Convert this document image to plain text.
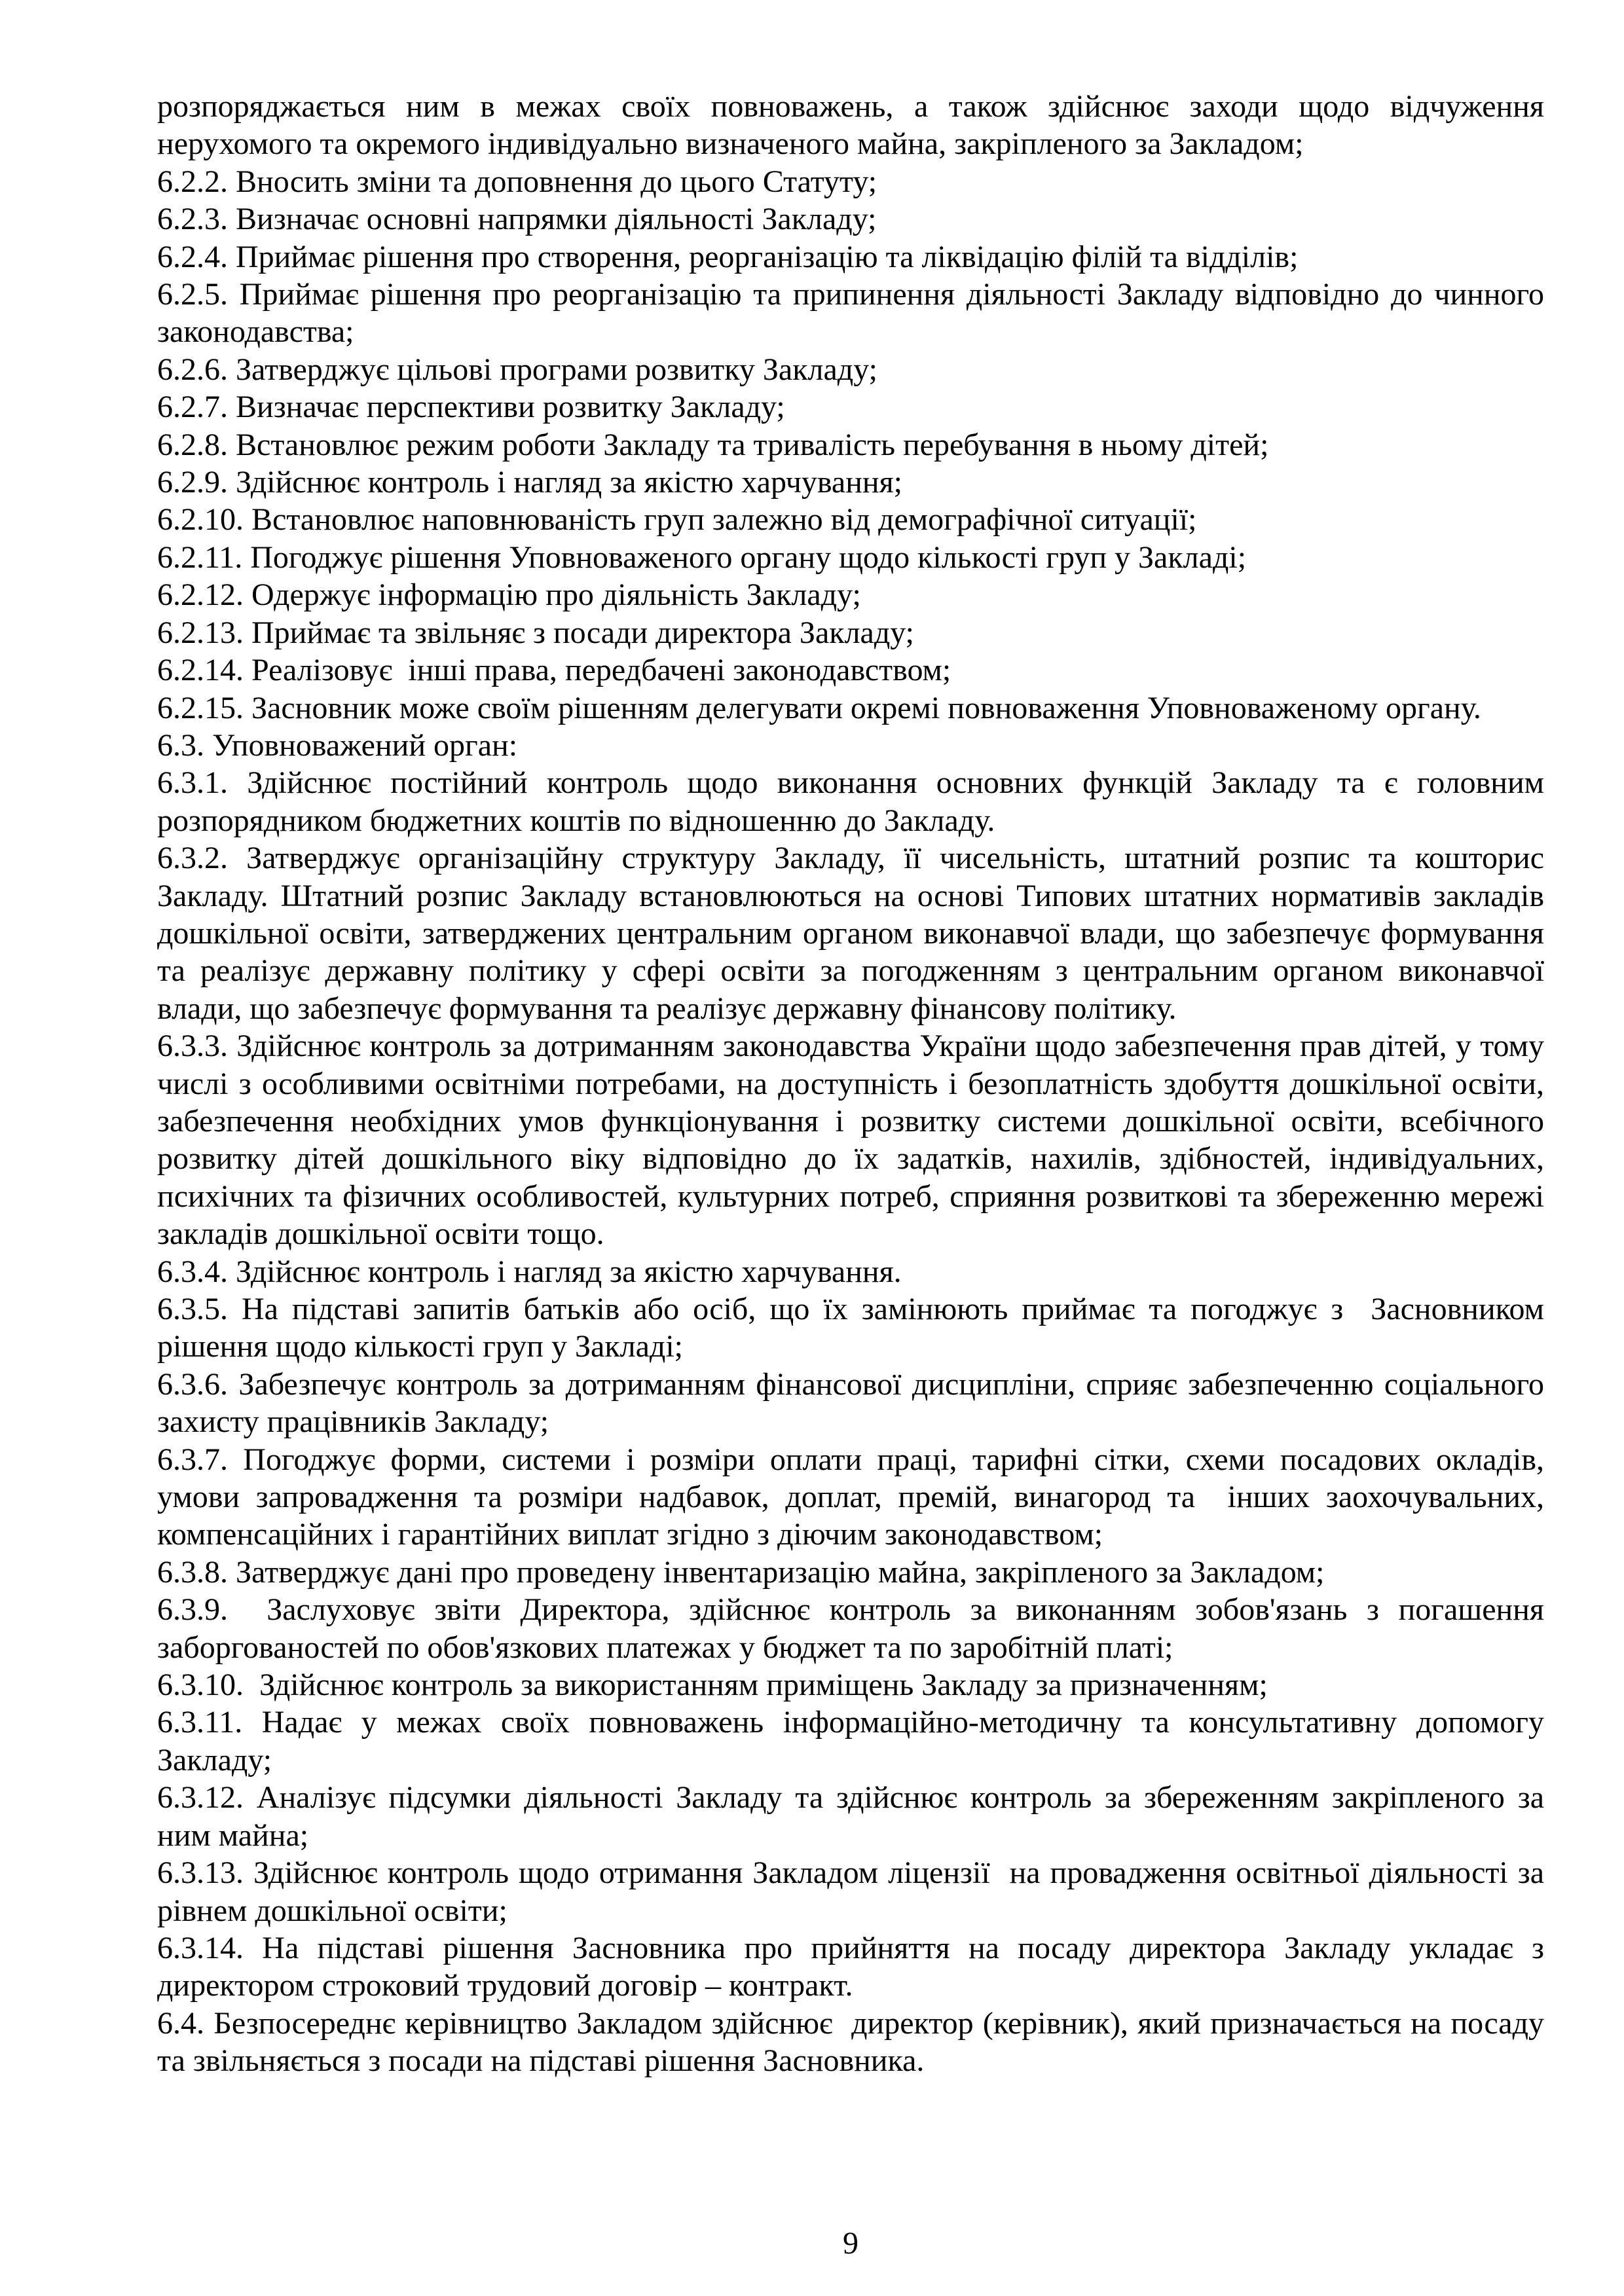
розпоряджається ним в межах своїх повноважень, а також здійснює заходи щодо відчуження нерухомого та окремого індивідуально визначеного майна, закріпленого за Закладом;

6.2.2. Вносить зміни та доповнення до цього Статуту;

6.2.3. Визначає основні напрямки діяльності Закладу;

6.2.4. Приймає рішення про створення, реорганізацію та ліквідацію філій та відділів;

6.2.5. Приймає рішення про реорганізацію та припинення діяльності Закладу відповідно до чинного законодавства;

6.2.6. Затверджує цільові програми розвитку Закладу;

6.2.7. Визначає перспективи розвитку Закладу;

6.2.8. Встановлює режим роботи Закладу та тривалість перебування в ньому дітей;

6.2.9. Здійснює контроль і нагляд за якістю харчування;

6.2.10. Встановлює наповнюваність груп залежно від демографічної ситуації;

6.2.11. Погоджує рішення Уповноваженого органу щодо кількості груп у Закладі;

6.2.12. Одержує інформацію про діяльність Закладу;

6.2.13. Приймає та звільняє з посади директора Закладу;

6.2.14. Реалізовує  інші права, передбачені законодавством;

6.2.15. Засновник може своїм рішенням делегувати окремі повноваження Уповноваженому органу.

6.3. Уповноважений орган:

6.3.1. Здійснює постійний контроль щодо виконання основних функцій Закладу та є головним розпорядником бюджетних коштів по відношенню до Закладу.

6.3.2. Затверджує організаційну структуру Закладу, її чисельність, штатний розпис та кошторис Закладу. Штатний розпис Закладу встановлюються на основі Типових штатних нормативів закладів дошкільної освіти, затверджених центральним органом виконавчої влади, що забезпечує формування та реалізує державну політику у сфері освіти за погодженням з центральним органом виконавчої влади, що забезпечує формування та реалізує державну фінансову політику.

6.3.3. Здійснює контроль за дотриманням законодавства України щодо забезпечення прав дітей, у тому числі з особливими освітніми потребами, на доступність і безоплатність здобуття дошкільної освіти, забезпечення необхідних умов функціонування і розвитку системи дошкільної освіти, всебічного розвитку дітей дошкільного віку відповідно до їх задатків, нахилів, здібностей, індивідуальних, психічних та фізичних особливостей, культурних потреб, сприяння розвиткові та збереженню мережі закладів дошкільної освіти тощо.

6.3.4. Здійснює контроль і нагляд за якістю харчування.

6.3.5. На підставі запитів батьків або осіб, що їх замінюють приймає та погоджує з  Засновником рішення щодо кількості груп у Закладі;

6.3.6. Забезпечує контроль за дотриманням фінансової дисципліни, сприяє забезпеченню соціального захисту працівників Закладу;

6.3.7. Погоджує форми, системи і розміри оплати праці, тарифні сітки, схеми посадових окладів, умови запровадження та розміри надбавок, доплат, премій, винагород та  інших заохочувальних, компенсаційних і гарантійних виплат згідно з діючим законодавством;

6.3.8. Затверджує дані про проведену інвентаризацію майна, закріпленого за Закладом;

6.3.9.  Заслуховує звіти Директора, здійснює контроль за виконанням зобов'язань з погашення заборгованостей по обов'язкових платежах у бюджет та по заробітній платі;

6.3.10.  Здійснює контроль за використанням приміщень Закладу за призначенням;

6.3.11. Надає у межах своїх повноважень інформаційно-методичну та консультативну допомогу Закладу;

6.3.12. Аналізує підсумки діяльності Закладу та здійснює контроль за збереженням закріпленого за ним майна;

6.3.13. Здійснює контроль щодо отримання Закладом ліцензії  на провадження освітньої діяльності за рівнем дошкільної освіти;

6.3.14. На підставі рішення Засновника про прийняття на посаду директора Закладу укладає з директором строковий трудовий договір – контракт.

6.4. Безпосереднє керівництво Закладом здійснює  директор (керівник), який призначається на посаду та звільняється з посади на підставі рішення Засновника.

9
